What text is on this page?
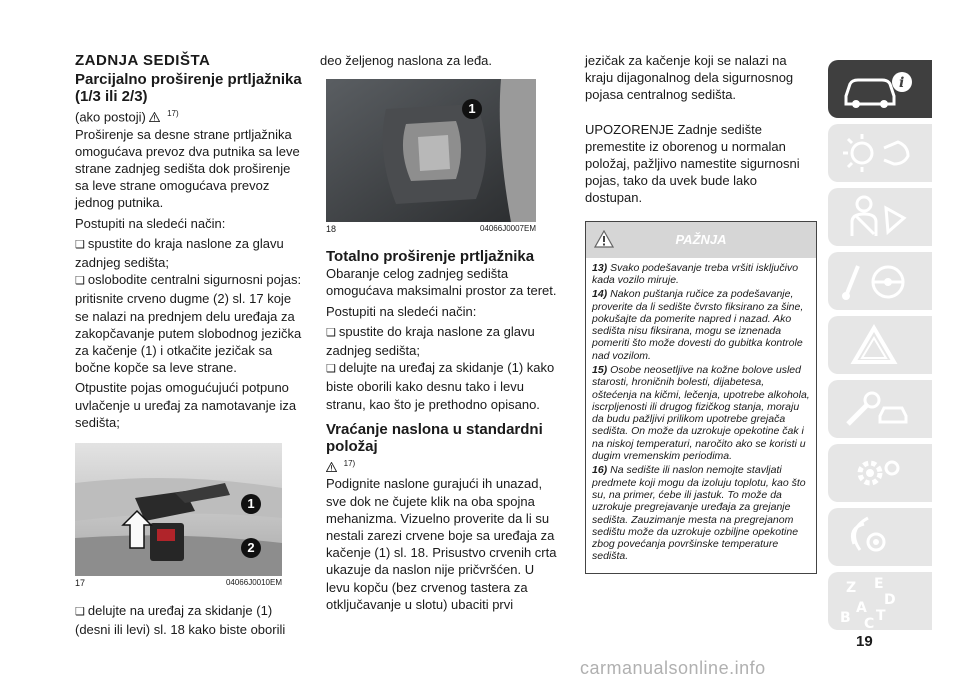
ZADNJA SEDIŠTA
Parcijalno proširenje prtljažnika
(1/3 ili 2/3)

(ako postoji)	$^{17)}$

Proširenje sa desne strane prtljažnika omogućava prevoz dva putnika sa leve strane zadnjeg sedišta dok proširenje sa leve strane omogućava prevoz jednog putnika.

Postupiti na sledeći način:

❑ spustite do kraja naslone za glavu zadnjeg sedišta;

❑ oslobodite centralni sigurnosni pojas: pritisnite crveno dugme (2) sl. 17 koje se nalazi na prednjem delu uređaja za zakopčavanje putem slobodnog jezička za kačenje (1) i otkačite jezičak sa bočne kopče sa leve strane.

Otpustite pojas omogućujući potpuno uvlačenje u uređaj za namotavanje iza sedišta;

1
2
17	04066J0010EM

❑ delujte na uređaj za skidanje (1) (desni ili levi) sl. 18 kako biste oborili

deo željenog naslona za leđa.

1
18	04066J0007EM
Totalno proširenje prtljažnika

Obaranje celog zadnjeg sedišta omogućava maksimalni prostor za teret.

Postupiti na sledeći način:

❑ spustite do kraja naslone za glavu zadnjeg sedišta;

❑ delujte na uređaj za skidanje (1) kako biste oborili kako desnu tako i levu stranu, kao što je prethodno opisano.

Vraćanje naslona u standardni položaj

$^{17)}$

Podignite naslone gurajući ih unazad, sve dok ne čujete klik na oba spojna mehanizma. Vizuelno proverite da li su nestali zarezi crvene boje sa uređaja za kačenje (1) sl. 18. Prisustvo crvenih crta ukazuje da naslon nije pričvršćen. U levu kopču (bez crvenog tastera za otključavanje u slotu) ubaciti prvi

jezičak za kačenje koji se nalazi na kraju dijagonalnog dela sigurnosnog pojasa centralnog sedišta.

UPOZORENJE Zadnje sedište premestite iz oborenog u normalan položaj, pažljivo namestite sigurnosni pojas, tako da uvek bude lako dostupan.

PAŽNJA
13) Svako podešavanje treba vršiti isključivo kada vozilo miruje.
14) Nakon puštanja ručice za podešavanje, proverite da li sedište čvrsto fiksirano za šine, pokušajte da pomerite napred i nazad. Ako sedišta nisu fiksirana, mogu se iznenada pomeriti što može dovesti do gubitka kontrole nad vozilom.
15) Osobe neosetljive na kožne bolove usled starosti, hroničnih bolesti, dijabetesa, oštećenja na kičmi, lečenja, upotrebe alkohola, iscrpljenosti ili drugog fizičkog stanja, moraju da budu pažljivi prilikom upotrebe grejača sedišta. On može da uzrokuje opekotine čak i na niskoj temperaturi, naročito ako se koristi u dugim vremenskim periodima.
16) Na sedište ili naslon nemojte stavljati predmete koji mogu da izoluju toplotu, kao što su, na primer, ćebe ili jastuk. To može da uzrokuje pregrejavanje uređaja za grejanje sedišta. Zauzimanje mesta na pregrejanom sedištu može da uzrokuje ozbiljne opekotine zbog povećanja površinske temperature sedišta.
i
Z E
A D
B C T
19
carmanualsonline.info
